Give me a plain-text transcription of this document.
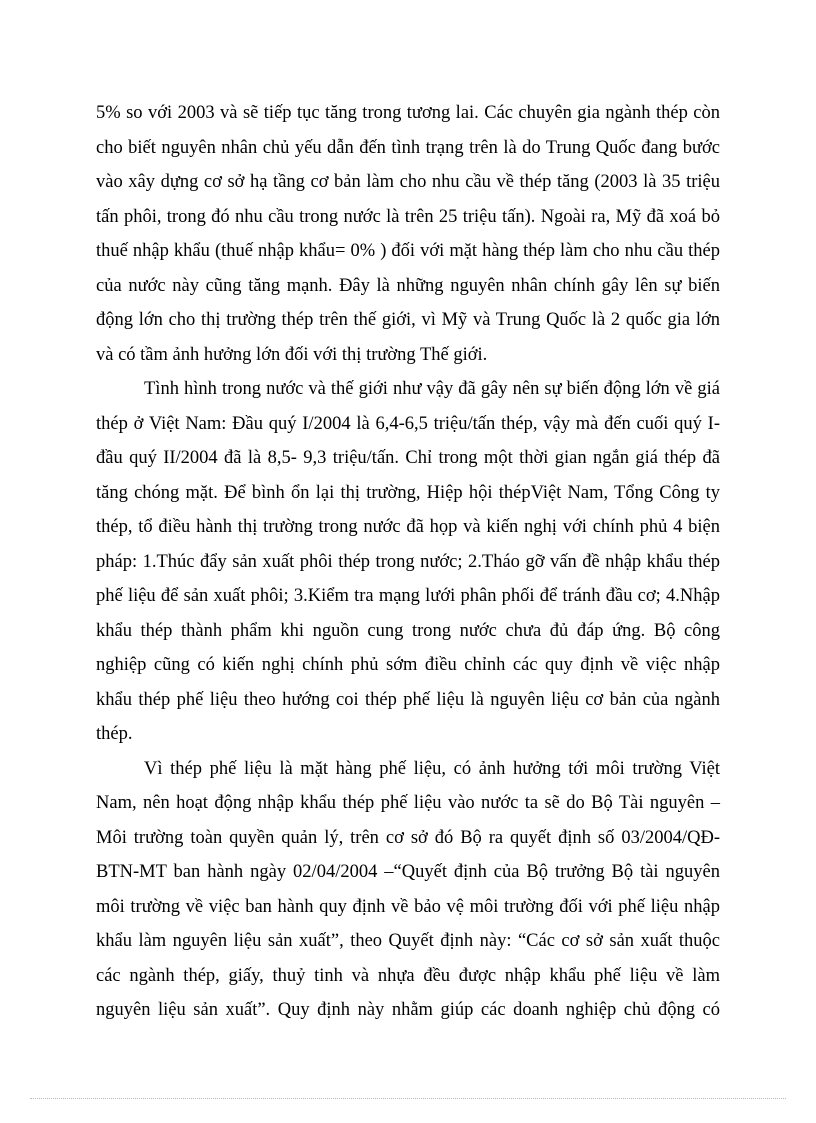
5% so với 2003 và sẽ tiếp tục tăng trong tương lai. Các chuyên gia ngành thép còn
cho biết nguyên nhân chủ yếu dẫn đến tình trạng trên là do Trung Quốc đang bước
vào xây dựng cơ sở hạ tầng cơ bản làm cho nhu cầu về thép tăng (2003 là 35 triệu
tấn phôi, trong đó nhu cầu trong nước là trên 25 triệu tấn). Ngoài ra, Mỹ đã xoá bỏ
thuế nhập khẩu (thuế nhập khẩu= 0% ) đối với mặt hàng thép làm cho nhu cầu thép
của nước này cũng tăng mạnh. Đây là những nguyên nhân chính gây lên sự biến
động lớn cho thị trường thép trên thế giới, vì Mỹ và Trung Quốc là 2 quốc gia lớn
và có tầm ảnh hưởng lớn đối với thị trường Thế giới.
Tình hình trong nước và thế giới như vậy đã gây nên sự biến động lớn về giá
thép ở Việt Nam: Đầu quý I/2004 là 6,4-6,5 triệu/tấn thép, vậy mà đến cuối quý I-
đầu quý II/2004 đã là 8,5- 9,3 triệu/tấn. Chỉ trong một thời gian ngắn giá thép đã
tăng chóng mặt. Để bình ổn lại thị trường, Hiệp hội thépViệt Nam, Tổng Công ty
thép, tổ điều hành thị trường trong nước đã họp và kiến nghị với chính phủ 4 biện
pháp: 1.Thúc đẩy sản xuất phôi thép trong nước; 2.Tháo gỡ vấn đề nhập khẩu thép
phế liệu để sản xuất phôi; 3.Kiểm tra mạng lưới phân phối để tránh đầu cơ; 4.Nhập
khẩu thép thành phẩm khi nguồn cung trong nước chưa đủ đáp ứng. Bộ công
nghiệp cũng có kiến nghị chính phủ sớm điều chỉnh các quy định về việc nhập
khẩu thép phế liệu theo hướng coi thép phế liệu là nguyên liệu cơ bản của ngành
thép.
Vì thép phế liệu là mặt hàng phế liệu, có ảnh hưởng tới môi trường Việt
Nam, nên hoạt động nhập khẩu thép phế liệu vào nước ta sẽ do Bộ Tài nguyên –
Môi trường toàn quyền quản lý, trên cơ sở đó Bộ ra quyết định số 03/2004/QĐ-
BTN-MT ban hành ngày 02/04/2004 –“Quyết định của Bộ trưởng Bộ tài nguyên
môi trường về việc ban hành quy định về bảo vệ môi trường đối với phế liệu nhập
khẩu làm nguyên liệu sản xuất”, theo Quyết định này: “Các cơ sở sản xuất thuộc
các ngành thép, giấy, thuỷ tinh và nhựa đều được nhập khẩu phế liệu về làm
nguyên liệu sản xuất”. Quy định này nhằm giúp các doanh nghiệp chủ động có
